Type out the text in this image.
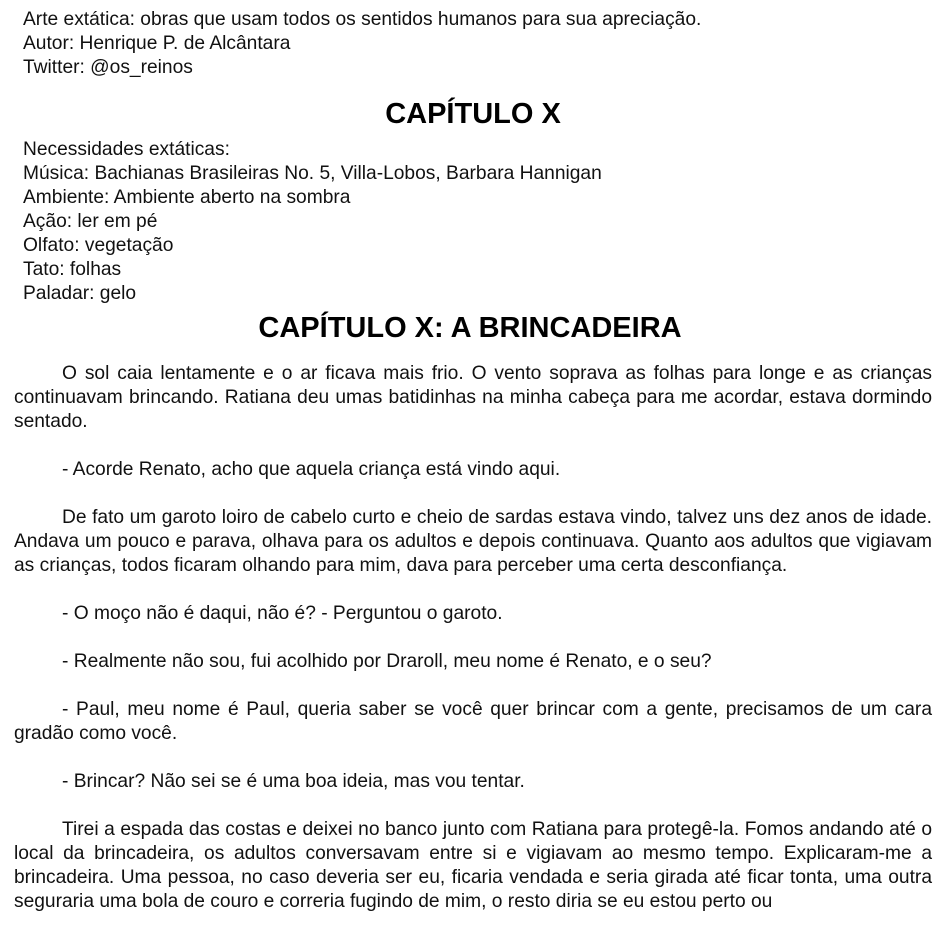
Arte extática: obras que usam todos os sentidos humanos para sua apreciação.
Autor: Henrique P. de Alcântara
Twitter: @os_reinos
CAPÍTULO X
Necessidades extáticas:
Música: Bachianas Brasileiras No. 5, Villa-Lobos, Barbara Hannigan
Ambiente: Ambiente aberto na sombra
Ação: ler em pé
Olfato: vegetação
Tato: folhas
Paladar: gelo
CAPÍTULO X: A BRINCADEIRA

O sol caia lentamente e o ar ficava mais frio. O vento soprava as folhas para longe e as crianças continuavam brincando. Ratiana deu umas batidinhas na minha cabeça para me acordar, estava dormindo sentado.

- Acorde Renato, acho que aquela criança está vindo aqui.

De fato um garoto loiro de cabelo curto e cheio de sardas estava vindo, talvez uns dez anos de idade. Andava um pouco e parava, olhava para os adultos e depois continuava. Quanto aos adultos que vigiavam as crianças, todos ficaram olhando para mim, dava para perceber uma certa desconfiança.

- O moço não é daqui, não é? - Perguntou o garoto.

- Realmente não sou, fui acolhido por Draroll, meu nome é Renato, e o seu?

- Paul, meu nome é Paul, queria saber se você quer brincar com a gente, precisamos de um cara gradão como você.

- Brincar? Não sei se é uma boa ideia, mas vou tentar.

Tirei a espada das costas e deixei no banco junto com Ratiana para protegê-la. Fomos andando até o local da brincadeira, os adultos conversavam entre si e vigiavam ao mesmo tempo. Explicaram-me a brincadeira. Uma pessoa, no caso deveria ser eu, ficaria vendada e seria girada até ficar tonta, uma outra seguraria uma bola de couro e correria fugindo de mim, o resto diria se eu estou perto ou
